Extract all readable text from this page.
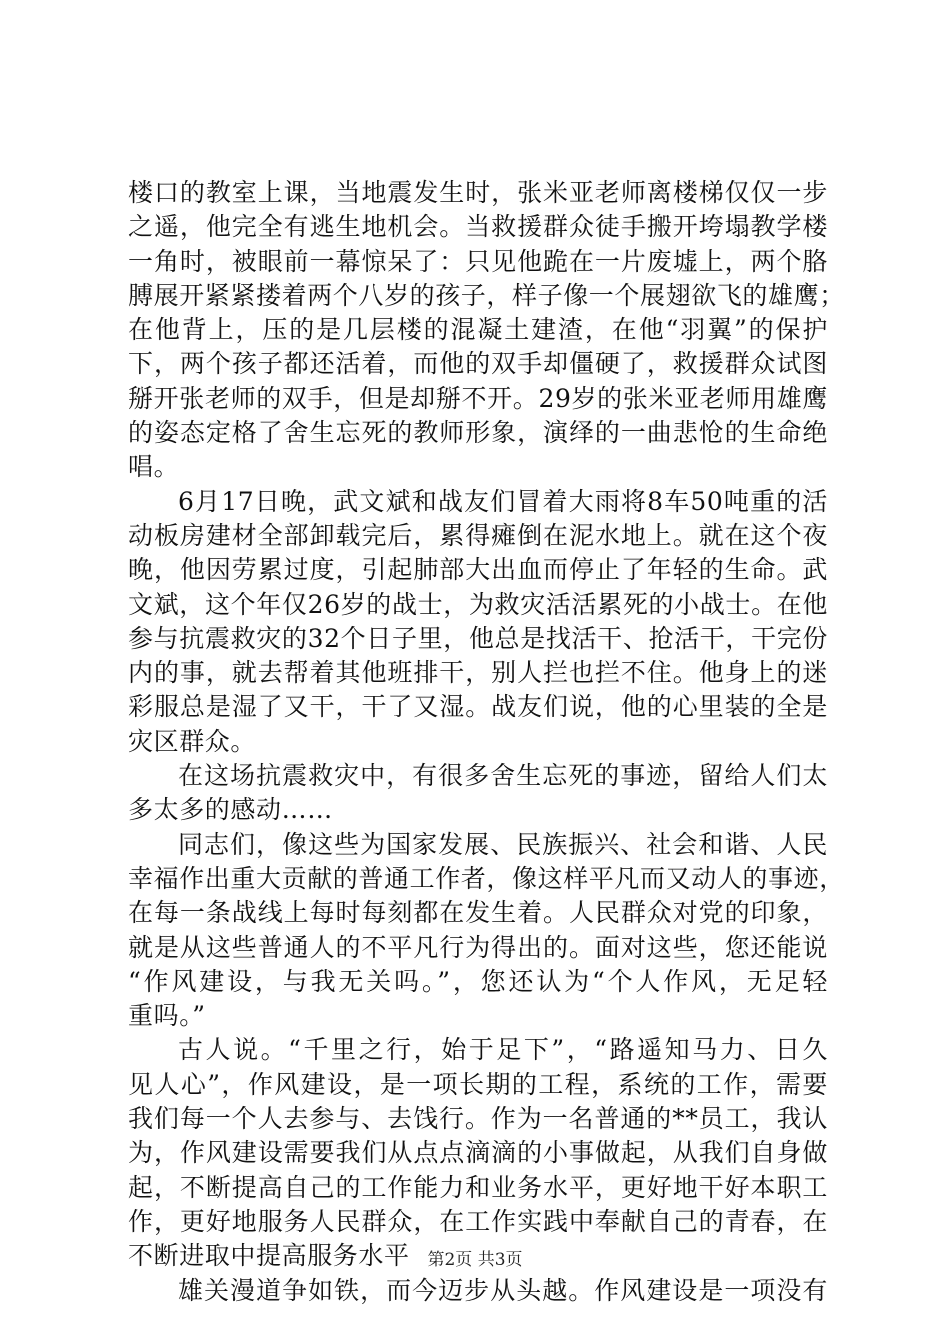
楼口的教室上课，当地震发生时，张米亚老师离楼梯仅仅一步
之遥，他完全有逃生地机会。当救援群众徒手搬开垮塌教学楼
一角时，被眼前一幕惊呆了：只见他跪在一片废墟上，两个胳
膊展开紧紧搂着两个八岁的孩子，样子像一个展翅欲飞的雄鹰；
在他背上，压的是几层楼的混凝土建渣，在他“羽翼”的保护
下，两个孩子都还活着，而他的双手却僵硬了，救援群众试图
掰开张老师的双手，但是却掰不开。29岁的张米亚老师用雄鹰
的姿态定格了舍生忘死的教师形象，演绎的一曲悲怆的生命绝
唱。
6月17日晚，武文斌和战友们冒着大雨将8车50吨重的活
动板房建材全部卸载完后，累得瘫倒在泥水地上。就在这个夜
晚，他因劳累过度，引起肺部大出血而停止了年轻的生命。武
文斌，这个年仅26岁的战士，为救灾活活累死的小战士。在他
参与抗震救灾的32个日子里，他总是找活干、抢活干，干完份
内的事，就去帮着其他班排干，别人拦也拦不住。他身上的迷
彩服总是湿了又干，干了又湿。战友们说，他的心里装的全是
灾区群众。
在这场抗震救灾中，有很多舍生忘死的事迹，留给人们太
多太多的感动……
同志们，像这些为国家发展、民族振兴、社会和谐、人民
幸福作出重大贡献的普通工作者，像这样平凡而又动人的事迹，
在每一条战线上每时每刻都在发生着。人民群众对党的印象，
就是从这些普通人的不平凡行为得出的。面对这些，您还能说
“作风建设，与我无关吗。”，您还认为“个人作风，无足轻
重吗。”
古人说。“千里之行，始于足下”，“路遥知马力、日久
见人心”，作风建设，是一项长期的工程，系统的工作，需要
我们每一个人去参与、去饯行。作为一名普通的**员工，我认
为，作风建设需要我们从点点滴滴的小事做起，从我们自身做
起，不断提高自己的工作能力和业务水平，更好地干好本职工
作，更好地服务人民群众，在工作实践中奉献自己的青春，在
不断进取中提高服务水平
雄关漫道争如铁，而今迈步从头越。作风建设是一项没有
第2页 共3页
